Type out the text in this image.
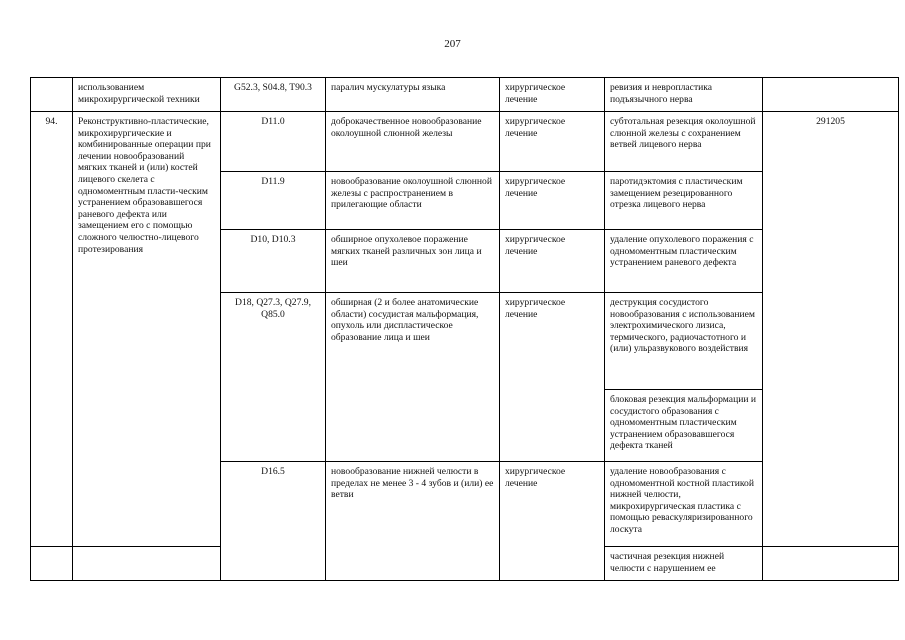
207
	использованием микрохирургической техники	G52.3, S04.8, T90.3	паралич мускулатуры языка	хирургическое лечение	ревизия и невропластика подъязычного нерва	
94.	Реконструктивно-пластические, микрохирургические и комбинированные операции при лечении новообразований мягких тканей и (или) костей лицевого скелета с одномоментным пласти-ческим устранением образовавшегося раневого дефекта или замещением его с помощью сложного челюстно-лицевого протезирования	D11.0	доброкачественное новообразование околоушной слюнной железы	хирургическое лечение	субтотальная резекция околоушной слюнной железы с сохранением ветвей лицевого нерва	291205
		D11.9	новообразование околоушной слюнной железы с распространением в прилегающие области	хирургическое лечение	паротидэктомия с пластическим замещением резецированного отрезка лицевого нерва	
		D10, D10.3	обширное опухолевое поражение мягких тканей различных зон лица и шеи	хирургическое лечение	удаление опухолевого поражения с одномоментным пластическим устранением раневого дефекта	
		D18, Q27.3, Q27.9, Q85.0	обширная (2 и более анатомические области) сосудистая мальформация, опухоль или диспластическое образование лица и шеи	хирургическое лечение	деструкция сосудистого новообразования с использованием электрохимического лизиса, термического, радиочастотного и (или) ульразвукового воздействия	
					блоковая резекция мальформации и сосудистого образования с одномоментным пластическим устранением образовавшегося дефекта тканей	
		D16.5	новообразование нижней челюсти в пределах не менее 3 - 4 зубов и (или) ее ветви	хирургическое лечение	удаление новообразования с одномоментной костной пластикой нижней челюсти, микрохирургическая пластика с помощью реваскуляризированного лоскута	
					частичная резекция нижней челюсти с нарушением ее	
